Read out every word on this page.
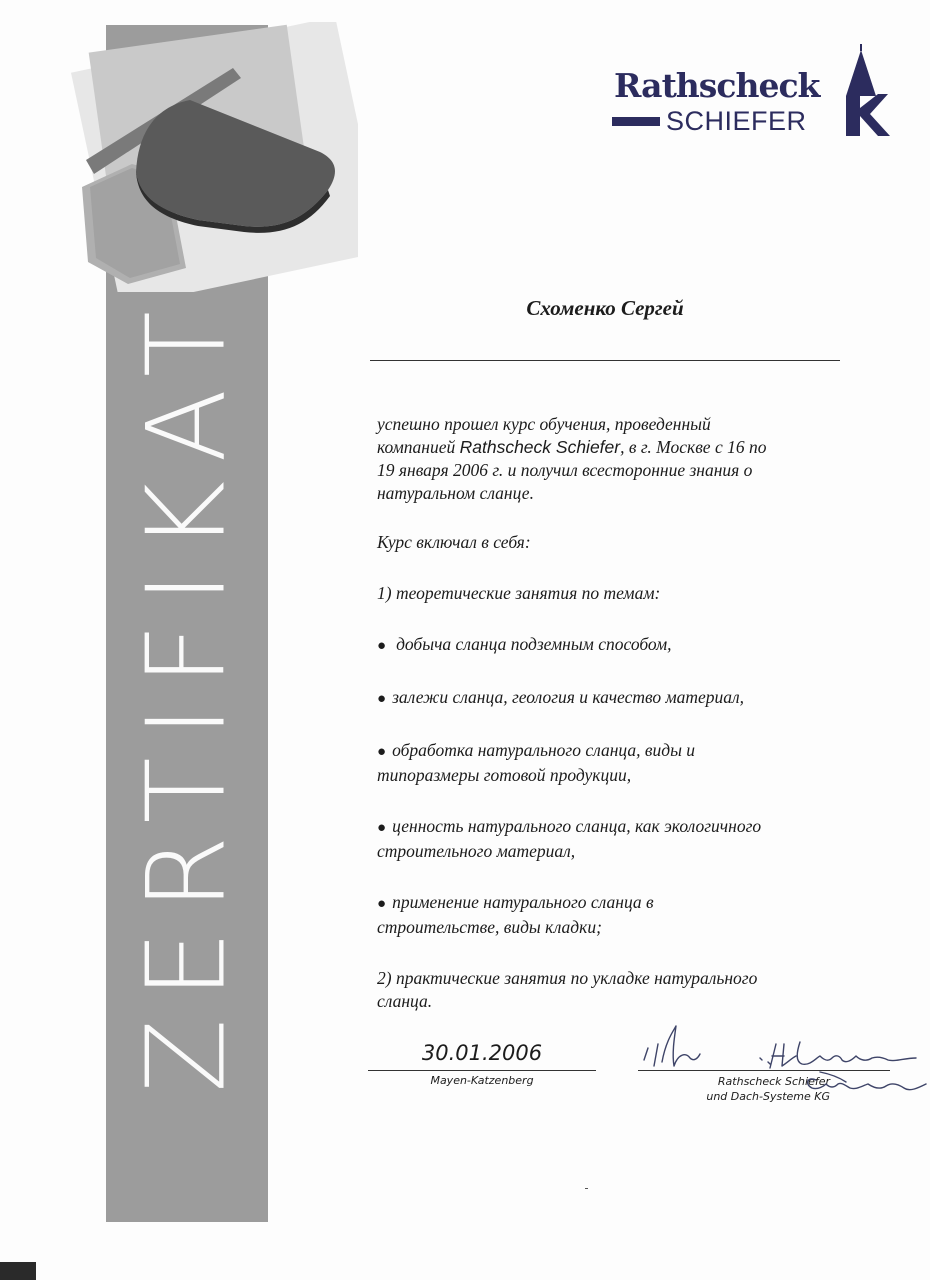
ZERTIFIKAT
Rathscheck
SCHIEFER
Схоменко Сергей

успешно прошел курс обучения, проведенный
компанией Rathscheck Schiefer, в г. Москве с 16 по
19 января 2006 г. и получил всесторонние знания о
натуральном сланце.

Курс включал в себя:

1) теоретические занятия по темам:

● добыча сланца подземным способом,

● залежи сланца, геология и качество материал,

● обработка натурального сланца, виды и
типоразмеры готовой продукции,

● ценность натурального сланца, как экологичного
строительного материал,

● применение натурального сланца в
строительстве, виды кладки;

2) практические занятия по укладке натурального
сланца.

30.01.2006
Mayen-Katzenberg	Rathscheck Schiefer
und Dach-Systeme KG
